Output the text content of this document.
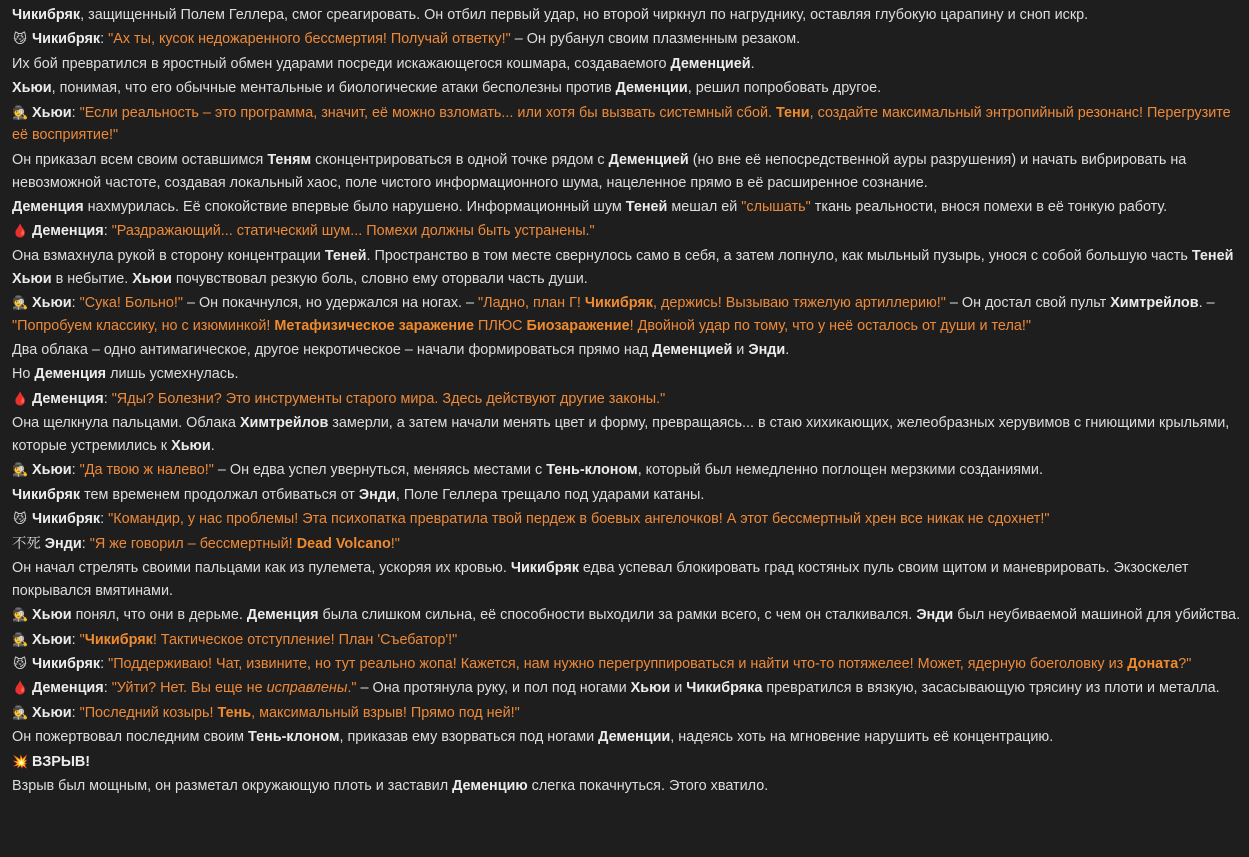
Чикибряк, защищенный Полем Геллера, смог среагировать. Он отбил первый удар, но второй чиркнул по нагруднику, оставляя глубокую царапину и сноп искр.
😼 Чикибряк: "Ах ты, кусок недожаренного бессмертия! Получай ответку!" – Он рубанул своим плазменным резаком.
Их бой превратился в яростный обмен ударами посреди искажающегося кошмара, создаваемого Деменцией.
Хьюи, понимая, что его обычные ментальные и биологические атаки бесполезны против Деменции, решил попробовать другое.
🕵 Хьюи: "Если реальность – это программа, значит, её можно взломать... или хотя бы вызвать системный сбой. Тени, создайте максимальный энтропийный резонанс! Перегрузите её восприятие!"
Он приказал всем своим оставшимся Теням сконцентрироваться в одной точке рядом с Деменцией (но вне её непосредственной ауры разрушения) и начать вибрировать на невозможной частоте, создавая локальный хаос, поле чистого информационного шума, нацеленное прямо в её расширенное сознание.
Деменция нахмурилась. Её спокойствие впервые было нарушено. Информационный шум Теней мешал ей "слышать" ткань реальности, внося помехи в её тонкую работу.
🩸 Деменция: "Раздражающий... статический шум... Помехи должны быть устранены."
Она взмахнула рукой в сторону концентрации Теней. Пространство в том месте свернулось само в себя, а затем лопнуло, как мыльный пузырь, унося с собой большую часть Теней Хьюи в небытие. Хьюи почувствовал резкую боль, словно ему оторвали часть души.
🕵 Хьюи: "Сука! Больно!" – Он покачнулся, но удержался на ногах. – "Ладно, план Г! Чикибряк, держись! Вызываю тяжелую артиллерию!" – Он достал свой пульт Химтрейлов. – "Попробуем классику, но с изюминкой! Метафизическое заражение ПЛЮС Биозаражение! Двойной удар по тому, что у неё осталось от души и тела!"
Два облака – одно антимагическое, другое некротическое – начали формироваться прямо над Деменцией и Энди.
Но Деменция лишь усмехнулась.
🩸 Деменция: "Яды? Болезни? Это инструменты старого мира. Здесь действуют другие законы."
Она щелкнула пальцами. Облака Химтрейлов замерли, а затем начали менять цвет и форму, превращаясь... в стаю хихикающих, желеобразных херувимов с гниющими крыльями, которые устремились к Хьюи.
🕵 Хьюи: "Да твою ж налево!" – Он едва успел увернуться, меняясь местами с Тень-клоном, который был немедленно поглощен мерзкими созданиями.
Чикибряк тем временем продолжал отбиваться от Энди, Поле Геллера трещало под ударами катаны.
😼 Чикибряк: "Командир, у нас проблемы! Эта психопатка превратила твой пердеж в боевых ангелочков! А этот бессмертный хрен все никак не сдохнет!"
不死 Энди: "Я же говорил – бессмертный! Dead Volcano!"
Он начал стрелять своими пальцами как из пулемета, ускоряя их кровью. Чикибряк едва успевал блокировать град костяных пуль своим щитом и маневрировать. Экзоскелет покрывался вмятинами.
🕵 Хьюи понял, что они в дерьме. Деменция была слишком сильна, её способности выходили за рамки всего, с чем он сталкивался. Энди был неубиваемой машиной для убийства.
🕵 Хьюи: "Чикибряк! Тактическое отступление! План 'Съебатор'!"
😼 Чикибряк: "Поддерживаю! Чат, извините, но тут реально жопа! Кажется, нам нужно перегруппироваться и найти что-то потяжелее! Может, ядерную боеголовку из Доната?"
🩸 Деменция: "Уйти? Нет. Вы еще не исправлены." – Она протянула руку, и пол под ногами Хьюи и Чикибряка превратился в вязкую, засасывающую трясину из плоти и металла.
🕵 Хьюи: "Последний козырь! Тень, максимальный взрыв! Прямо под ней!"
Он пожертвовал последним своим Тень-клоном, приказав ему взорваться под ногами Деменции, надеясь хоть на мгновение нарушить её концентрацию.
💥 ВЗРЫВ!
Взрыв был мощным, он разметал окружающую плоть и заставил Деменцию слегка покачнуться. Этого хватило.
